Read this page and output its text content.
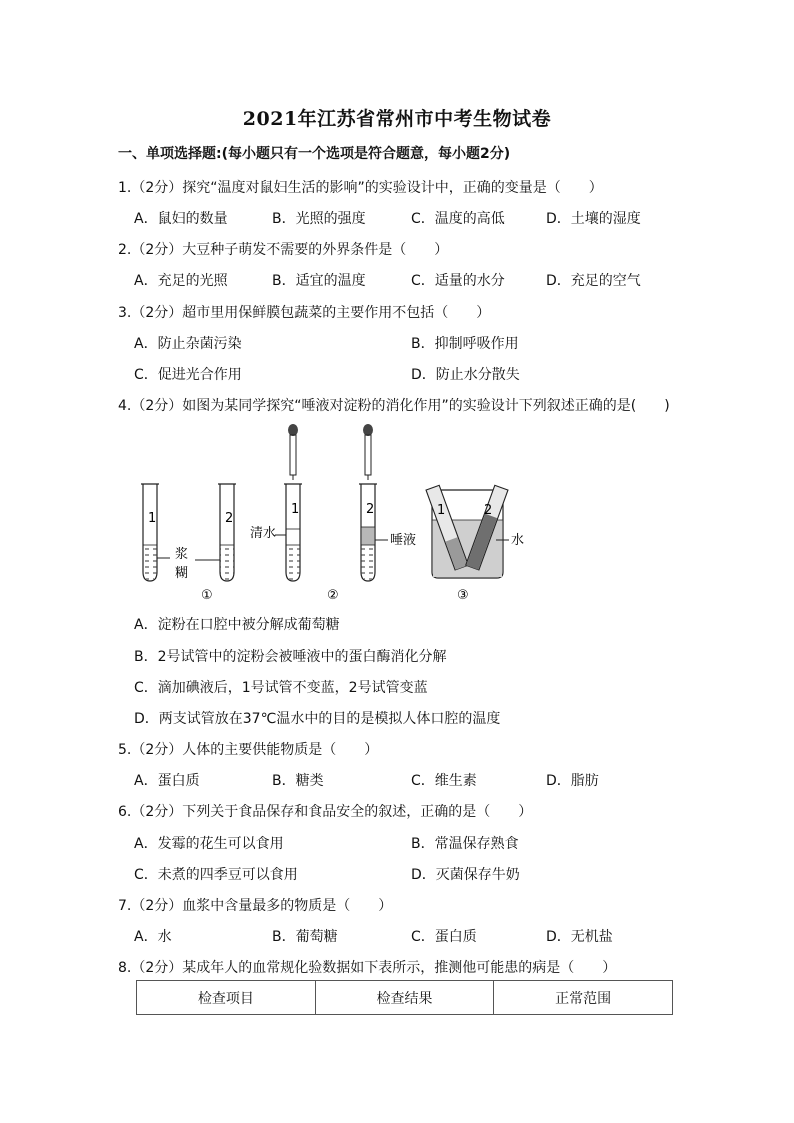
2021年江苏省常州市中考生物试卷
一、单项选择题:(每小题只有一个选项是符合题意，每小题2分)
1.（2分）探究“温度对鼠妇生活的影响”的实验设计中，正确的变量是（　　）
A．鼠妇的数量	B．光照的强度	C．温度的高低	D．土壤的湿度
2.（2分）大豆种子萌发不需要的外界条件是（　　）
A．充足的光照	B．适宜的温度	C．适量的水分	D．充足的空气
3.（2分）超市里用保鲜膜包蔬菜的主要作用不包括（　　）
A．防止杂菌污染	B．抑制呼吸作用
C．促进光合作用	D．防止水分散失
4.（2分）如图为某同学探究“唾液对淀粉的消化作用”的实验设计下列叙述正确的是(　　)
1	2
浆
糊
①
1
清水
2
唾液
②
1	2
水
③
A．淀粉在口腔中被分解成葡萄糖
B．2号试管中的淀粉会被唾液中的蛋白酶消化分解
C．滴加碘液后，1号试管不变蓝，2号试管变蓝
D．两支试管放在37℃温水中的目的是模拟人体口腔的温度
5.（2分）人体的主要供能物质是（　　）
A．蛋白质	B．糖类	C．维生素	D．脂肪
6.（2分）下列关于食品保存和食品安全的叙述，正确的是（　　）
A．发霉的花生可以食用	B．常温保存熟食
C．未煮的四季豆可以食用	D．灭菌保存牛奶
7.（2分）血浆中含量最多的物质是（　　）
A．水	B．葡萄糖	C．蛋白质	D．无机盐
8.（2分）某成年人的血常规化验数据如下表所示，推测他可能患的病是（　　）
检查项目	检查结果	正常范围
